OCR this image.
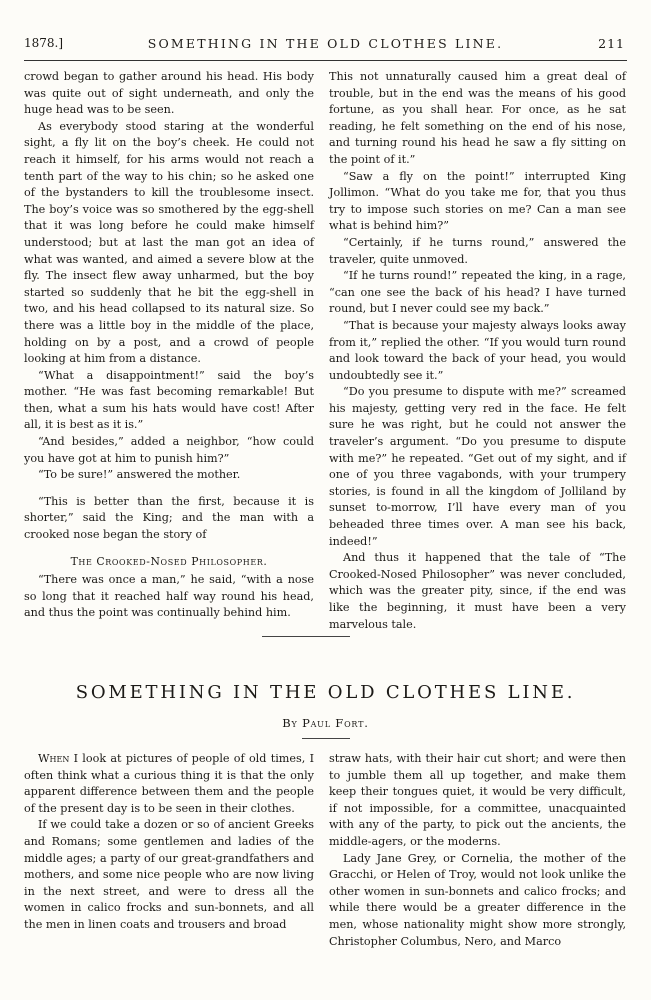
1878.]	SOMETHING IN THE OLD CLOTHES LINE.	211

crowd began to gather around his head. His body was quite out of sight underneath, and only the huge head was to be seen.

As everybody stood staring at the wonderful sight, a fly lit on the boy’s cheek. He could not reach it himself, for his arms would not reach a tenth part of the way to his chin; so he asked one of the bystanders to kill the troublesome insect. The boy’s voice was so smothered by the egg-shell that it was long before he could make himself understood; but at last the man got an idea of what was wanted, and aimed a severe blow at the fly. The insect flew away unharmed, but the boy started so suddenly that he bit the egg-shell in two, and his head collapsed to its natural size. So there was a little boy in the middle of the place, holding on by a post, and a crowd of people looking at him from a distance.

“What a disappointment!” said the boy’s mother. “He was fast becoming remarkable! But then, what a sum his hats would have cost! After all, it is best as it is.”

“And besides,” added a neighbor, “how could you have got at him to punish him?”

“To be sure!” answered the mother.

“This is better than the first, because it is shorter,” said the King; and the man with a crooked nose began the story of

The Crooked-Nosed Philosopher.

“There was once a man,” he said, “with a nose so long that it reached half way round his head, and thus the point was continually behind him.

This not unnaturally caused him a great deal of trouble, but in the end was the means of his good fortune, as you shall hear. For once, as he sat reading, he felt something on the end of his nose, and turning round his head he saw a fly sitting on the point of it.”

“Saw a fly on the point!” interrupted King Jollimon. “What do you take me for, that you thus try to impose such stories on me? Can a man see what is behind him?”

“Certainly, if he turns round,” answered the traveler, quite unmoved.

“If he turns round!” repeated the king, in a rage, “can one see the back of his head? I have turned round, but I never could see my back.”

“That is because your majesty always looks away from it,” replied the other. “If you would turn round and look toward the back of your head, you would undoubtedly see it.”

“Do you presume to dispute with me?” screamed his majesty, getting very red in the face. He felt sure he was right, but he could not answer the traveler’s argument. “Do you presume to dispute with me?” he repeated. “Get out of my sight, and if one of you three vagabonds, with your trumpery stories, is found in all the kingdom of Jolliland by sunset to-morrow, I’ll have every man of you beheaded three times over. A man see his back, indeed!”

And thus it happened that the tale of “The Crooked-Nosed Philosopher” was never concluded, which was the greater pity, since, if the end was like the beginning, it must have been a very marvelous tale.

SOMETHING IN THE OLD CLOTHES LINE.
By Paul Fort.

When I look at pictures of people of old times, I often think what a curious thing it is that the only apparent difference between them and the people of the present day is to be seen in their clothes.

If we could take a dozen or so of ancient Greeks and Romans; some gentlemen and ladies of the middle ages; a party of our great-grandfathers and mothers, and some nice people who are now living in the next street, and were to dress all the women in calico frocks and sun-bonnets, and all the men in linen coats and trousers and broad

straw hats, with their hair cut short; and were then to jumble them all up together, and make them keep their tongues quiet, it would be very difficult, if not impossible, for a committee, unacquainted with any of the party, to pick out the ancients, the middle-agers, or the moderns.

Lady Jane Grey, or Cornelia, the mother of the Gracchi, or Helen of Troy, would not look unlike the other women in sun-bonnets and calico frocks; and while there would be a greater difference in the men, whose nationality might show more strongly, Christopher Columbus, Nero, and Marco
